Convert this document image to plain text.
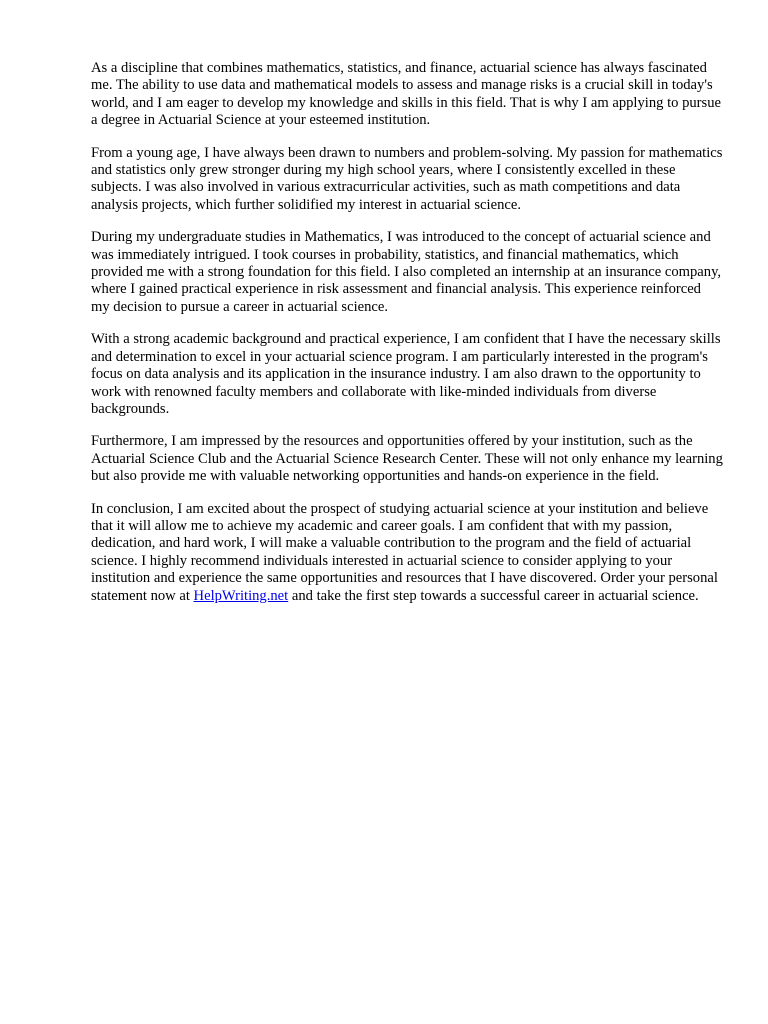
As a discipline that combines mathematics, statistics, and finance, actuarial science has always fascinated me. The ability to use data and mathematical models to assess and manage risks is a crucial skill in today's world, and I am eager to develop my knowledge and skills in this field. That is why I am applying to pursue a degree in Actuarial Science at your esteemed institution.

From a young age, I have always been drawn to numbers and problem-solving. My passion for mathematics and statistics only grew stronger during my high school years, where I consistently excelled in these subjects. I was also involved in various extracurricular activities, such as math competitions and data analysis projects, which further solidified my interest in actuarial science.

During my undergraduate studies in Mathematics, I was introduced to the concept of actuarial science and was immediately intrigued. I took courses in probability, statistics, and financial mathematics, which provided me with a strong foundation for this field. I also completed an internship at an insurance company, where I gained practical experience in risk assessment and financial analysis. This experience reinforced my decision to pursue a career in actuarial science.

With a strong academic background and practical experience, I am confident that I have the necessary skills and determination to excel in your actuarial science program. I am particularly interested in the program's focus on data analysis and its application in the insurance industry. I am also drawn to the opportunity to work with renowned faculty members and collaborate with like-minded individuals from diverse backgrounds.

Furthermore, I am impressed by the resources and opportunities offered by your institution, such as the Actuarial Science Club and the Actuarial Science Research Center. These will not only enhance my learning but also provide me with valuable networking opportunities and hands-on experience in the field.

In conclusion, I am excited about the prospect of studying actuarial science at your institution and believe that it will allow me to achieve my academic and career goals. I am confident that with my passion, dedication, and hard work, I will make a valuable contribution to the program and the field of actuarial science. I highly recommend individuals interested in actuarial science to consider applying to your institution and experience the same opportunities and resources that I have discovered. Order your personal statement now at HelpWriting.net and take the first step towards a successful career in actuarial science.
